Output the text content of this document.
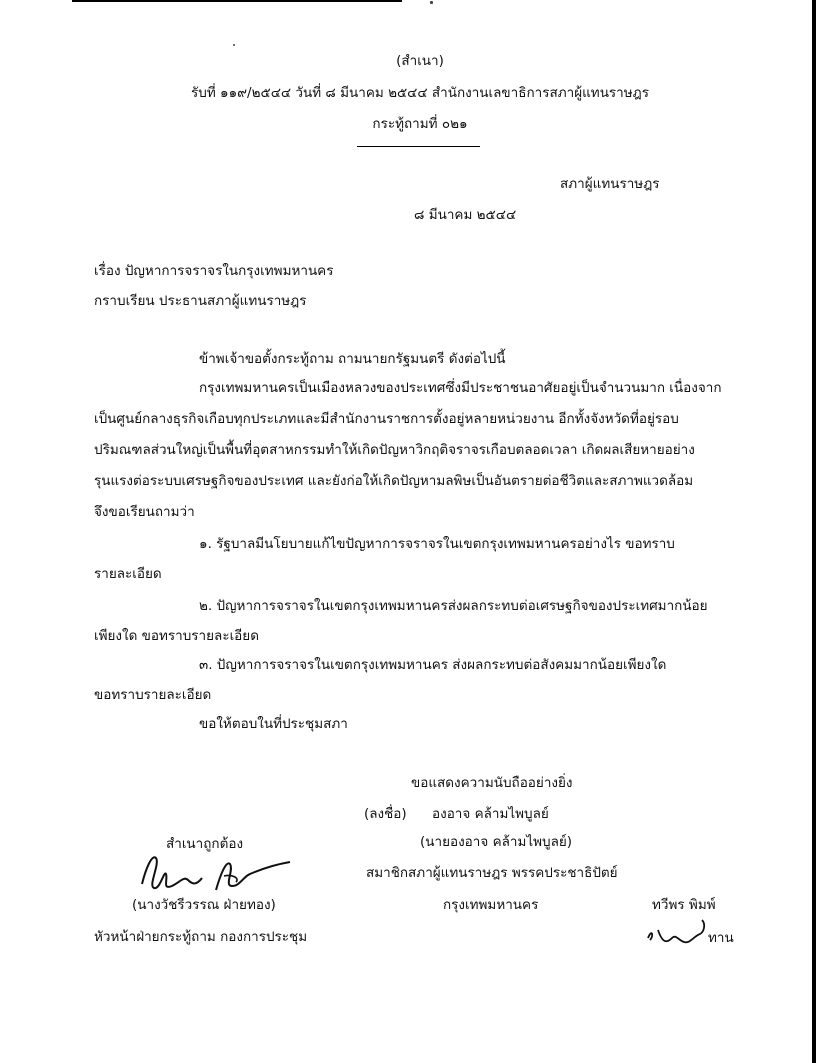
(สำเนา)
รับที่ ๑๑๙/๒๕๔๔ วันที่ ๘ มีนาคม ๒๕๔๔ สำนักงานเลขาธิการสภาผู้แทนราษฎร
กระทู้ถามที่ ๐๒๑
สภาผู้แทนราษฎร
๘ มีนาคม ๒๕๔๔
เรื่อง ปัญหาการจราจรในกรุงเทพมหานคร
กราบเรียน ประธานสภาผู้แทนราษฎร
ข้าพเจ้าขอตั้งกระทู้ถาม ถามนายกรัฐมนตรี ดังต่อไปนี้
กรุงเทพมหานครเป็นเมืองหลวงของประเทศซึ่งมีประชาชนอาศัยอยู่เป็นจำนวนมาก เนื่องจาก
เป็นศูนย์กลางธุรกิจเกือบทุกประเภทและมีสำนักงานราชการตั้งอยู่หลายหน่วยงาน อีกทั้งจังหวัดที่อยู่รอบ
ปริมณฑลส่วนใหญ่เป็นพื้นที่อุตสาหกรรมทำให้เกิดปัญหาวิกฤติจราจรเกือบตลอดเวลา เกิดผลเสียหายอย่าง
รุนแรงต่อระบบเศรษฐกิจของประเทศ และยังก่อให้เกิดปัญหามลพิษเป็นอันตรายต่อชีวิตและสภาพแวดล้อม
จึงขอเรียนถามว่า
๑. รัฐบาลมีนโยบายแก้ไขปัญหาการจราจรในเขตกรุงเทพมหานครอย่างไร ขอทราบ
รายละเอียด
๒. ปัญหาการจราจรในเขตกรุงเทพมหานครส่งผลกระทบต่อเศรษฐกิจของประเทศมากน้อย
เพียงใด ขอทราบรายละเอียด
๓. ปัญหาการจราจรในเขตกรุงเทพมหานคร ส่งผลกระทบต่อสังคมมากน้อยเพียงใด
ขอทราบรายละเอียด
ขอให้ตอบในที่ประชุมสภา
ขอแสดงความนับถืออย่างยิ่ง
(ลงชื่อ) องอาจ คล้ามไพบูลย์
(นายองอาจ คล้ามไพบูลย์)
สมาชิกสภาผู้แทนราษฎร พรรคประชาธิปัตย์
กรุงเทพมหานคร
สำเนาถูกต้อง
(นางวัชรีวรรณ ฝ่ายทอง)
หัวหน้าฝ่ายกระทู้ถาม กองการประชุม
ทวีพร พิมพ์
ทาน
